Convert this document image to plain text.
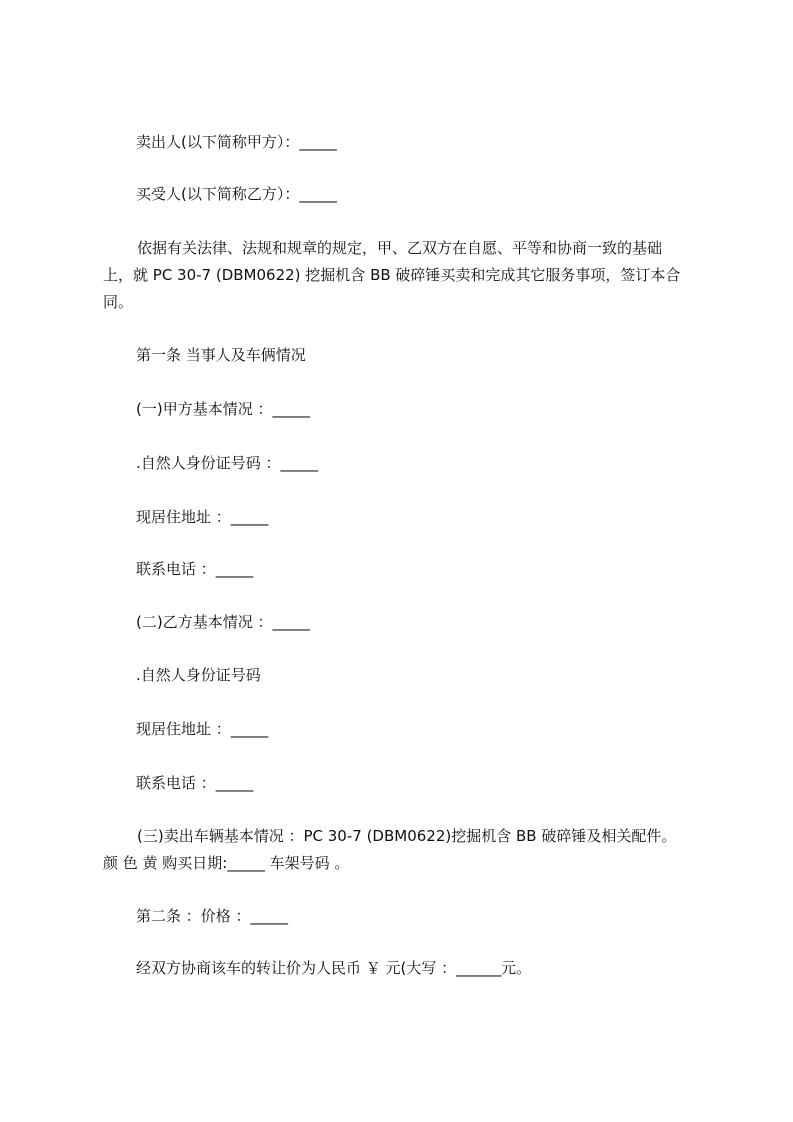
卖出人(以下简称甲方）：_____
买受人(以下简称乙方）：_____
依据有关法律、法规和规章的规定，甲、乙双方在自愿、平等和协商一致的基础
上，就 PC 30-7 (DBM0622) 挖掘机含 BB 破碎锤买卖和完成其它服务事项，签订本合
同。
第一条 当事人及车俩情况
(一)甲方基本情况 ：_____
.自然人身份证号码 ：_____
现居住地址 ：_____
联系电话 ：_____
(二)乙方基本情况 ：_____
.自然人身份证号码
现居住地址 ：_____
联系电话 ：_____
(三)卖出车辆基本情况 ：PC 30-7 (DBM0622)挖掘机含 BB 破碎锤及相关配件。
颜 色 黄 购买日期:_____ 车架号码 。
第二条 ：价格 ：_____
经双方协商该车的转让价为人民币 ￥ 元(大写 ：______元。
